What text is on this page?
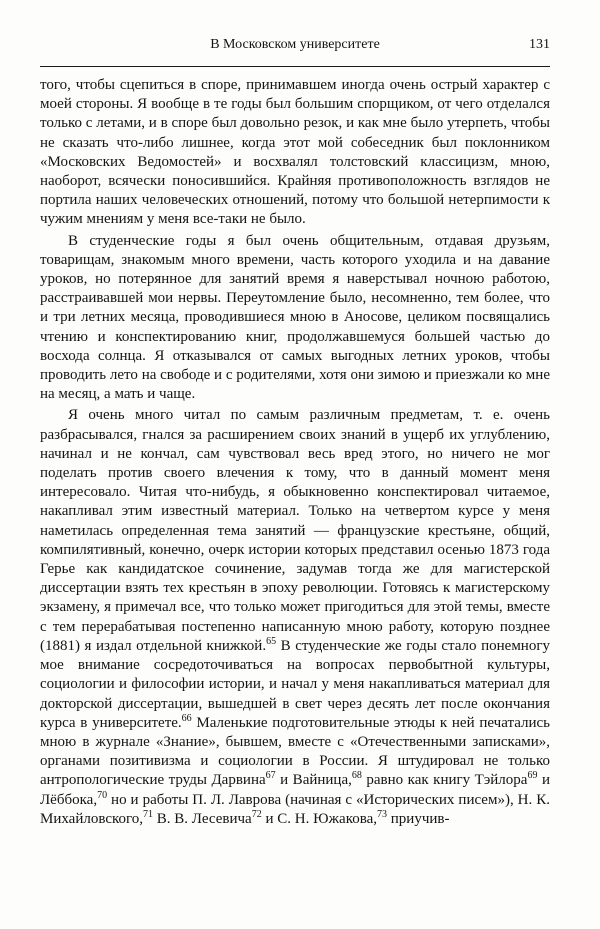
В Московском университете	131

того, чтобы сцепиться в споре, принимавшем иногда очень острый характер с моей стороны. Я вообще в те годы был большим спорщиком, от чего отделался только с летами, и в споре был довольно резок, и как мне было утерпеть, чтобы не сказать что-либо лишнее, когда этот мой собеседник был поклонником «Московских Ведомостей» и восхвалял толстовский классицизм, мною, наоборот, всячески поносившийся. Крайняя противоположность взглядов не портила наших человеческих отношений, потому что большой нетерпимости к чужим мнениям у меня все-таки не было.

В студенческие годы я был очень общительным, отдавая друзьям, товарищам, знакомым много времени, часть которого уходила и на давание уроков, но потерянное для занятий время я наверстывал ночною работою, расстраивавшей мои нервы. Переутомление было, несомненно, тем более, что и три летних месяца, проводившиеся мною в Аносове, целиком посвящались чтению и конспектированию книг, продолжавшемуся большей частью до восхода солнца. Я отказывался от самых выгодных летних уроков, чтобы проводить лето на свободе и с родителями, хотя они зимою и приезжали ко мне на месяц, а мать и чаще.

Я очень много читал по самым различным предметам, т. е. очень разбрасывался, гнался за расширением своих знаний в ущерб их углублению, начинал и не кончал, сам чувствовал весь вред этого, но ничего не мог поделать против своего влечения к тому, что в данный момент меня интересовало. Читая что-нибудь, я обыкновенно конспектировал читаемое, накапливал этим известный материал. Только на четвертом курсе у меня наметилась определенная тема занятий — французские крестьяне, общий, компилятивный, конечно, очерк истории которых представил осенью 1873 года Герье как кандидатское сочинение, задумав тогда же для магистерской диссертации взять тех крестьян в эпоху революции. Готовясь к магистерскому экзамену, я примечал все, что только может пригодиться для этой темы, вместе с тем перерабатывая постепенно написанную мною работу, которую позднее (1881) я издал отдельной книжкой.$^{65}$ В студенческие же годы стало понемногу мое внимание сосредоточиваться на вопросах первобытной культуры, социологии и философии истории, и начал у меня накапливаться материал для докторской диссертации, вышедшей в свет через десять лет после окончания курса в университете.$^{66}$ Маленькие подготовительные этюды к ней печатались мною в журнале «Знание», бывшем, вместе с «Отечественными записками», органами позитивизма и социологии в России. Я штудировал не только антропологические труды Дарвина$^{67}$ и Вайница,$^{68}$ равно как книгу Тэйлора$^{69}$ и Лёббока,$^{70}$ но и работы П. Л. Лаврова (начиная с «Исторических писем»), Н. К. Михайловского,$^{71}$ В. В. Лесевича$^{72}$ и С. Н. Южакова,$^{73}$ приучив-
